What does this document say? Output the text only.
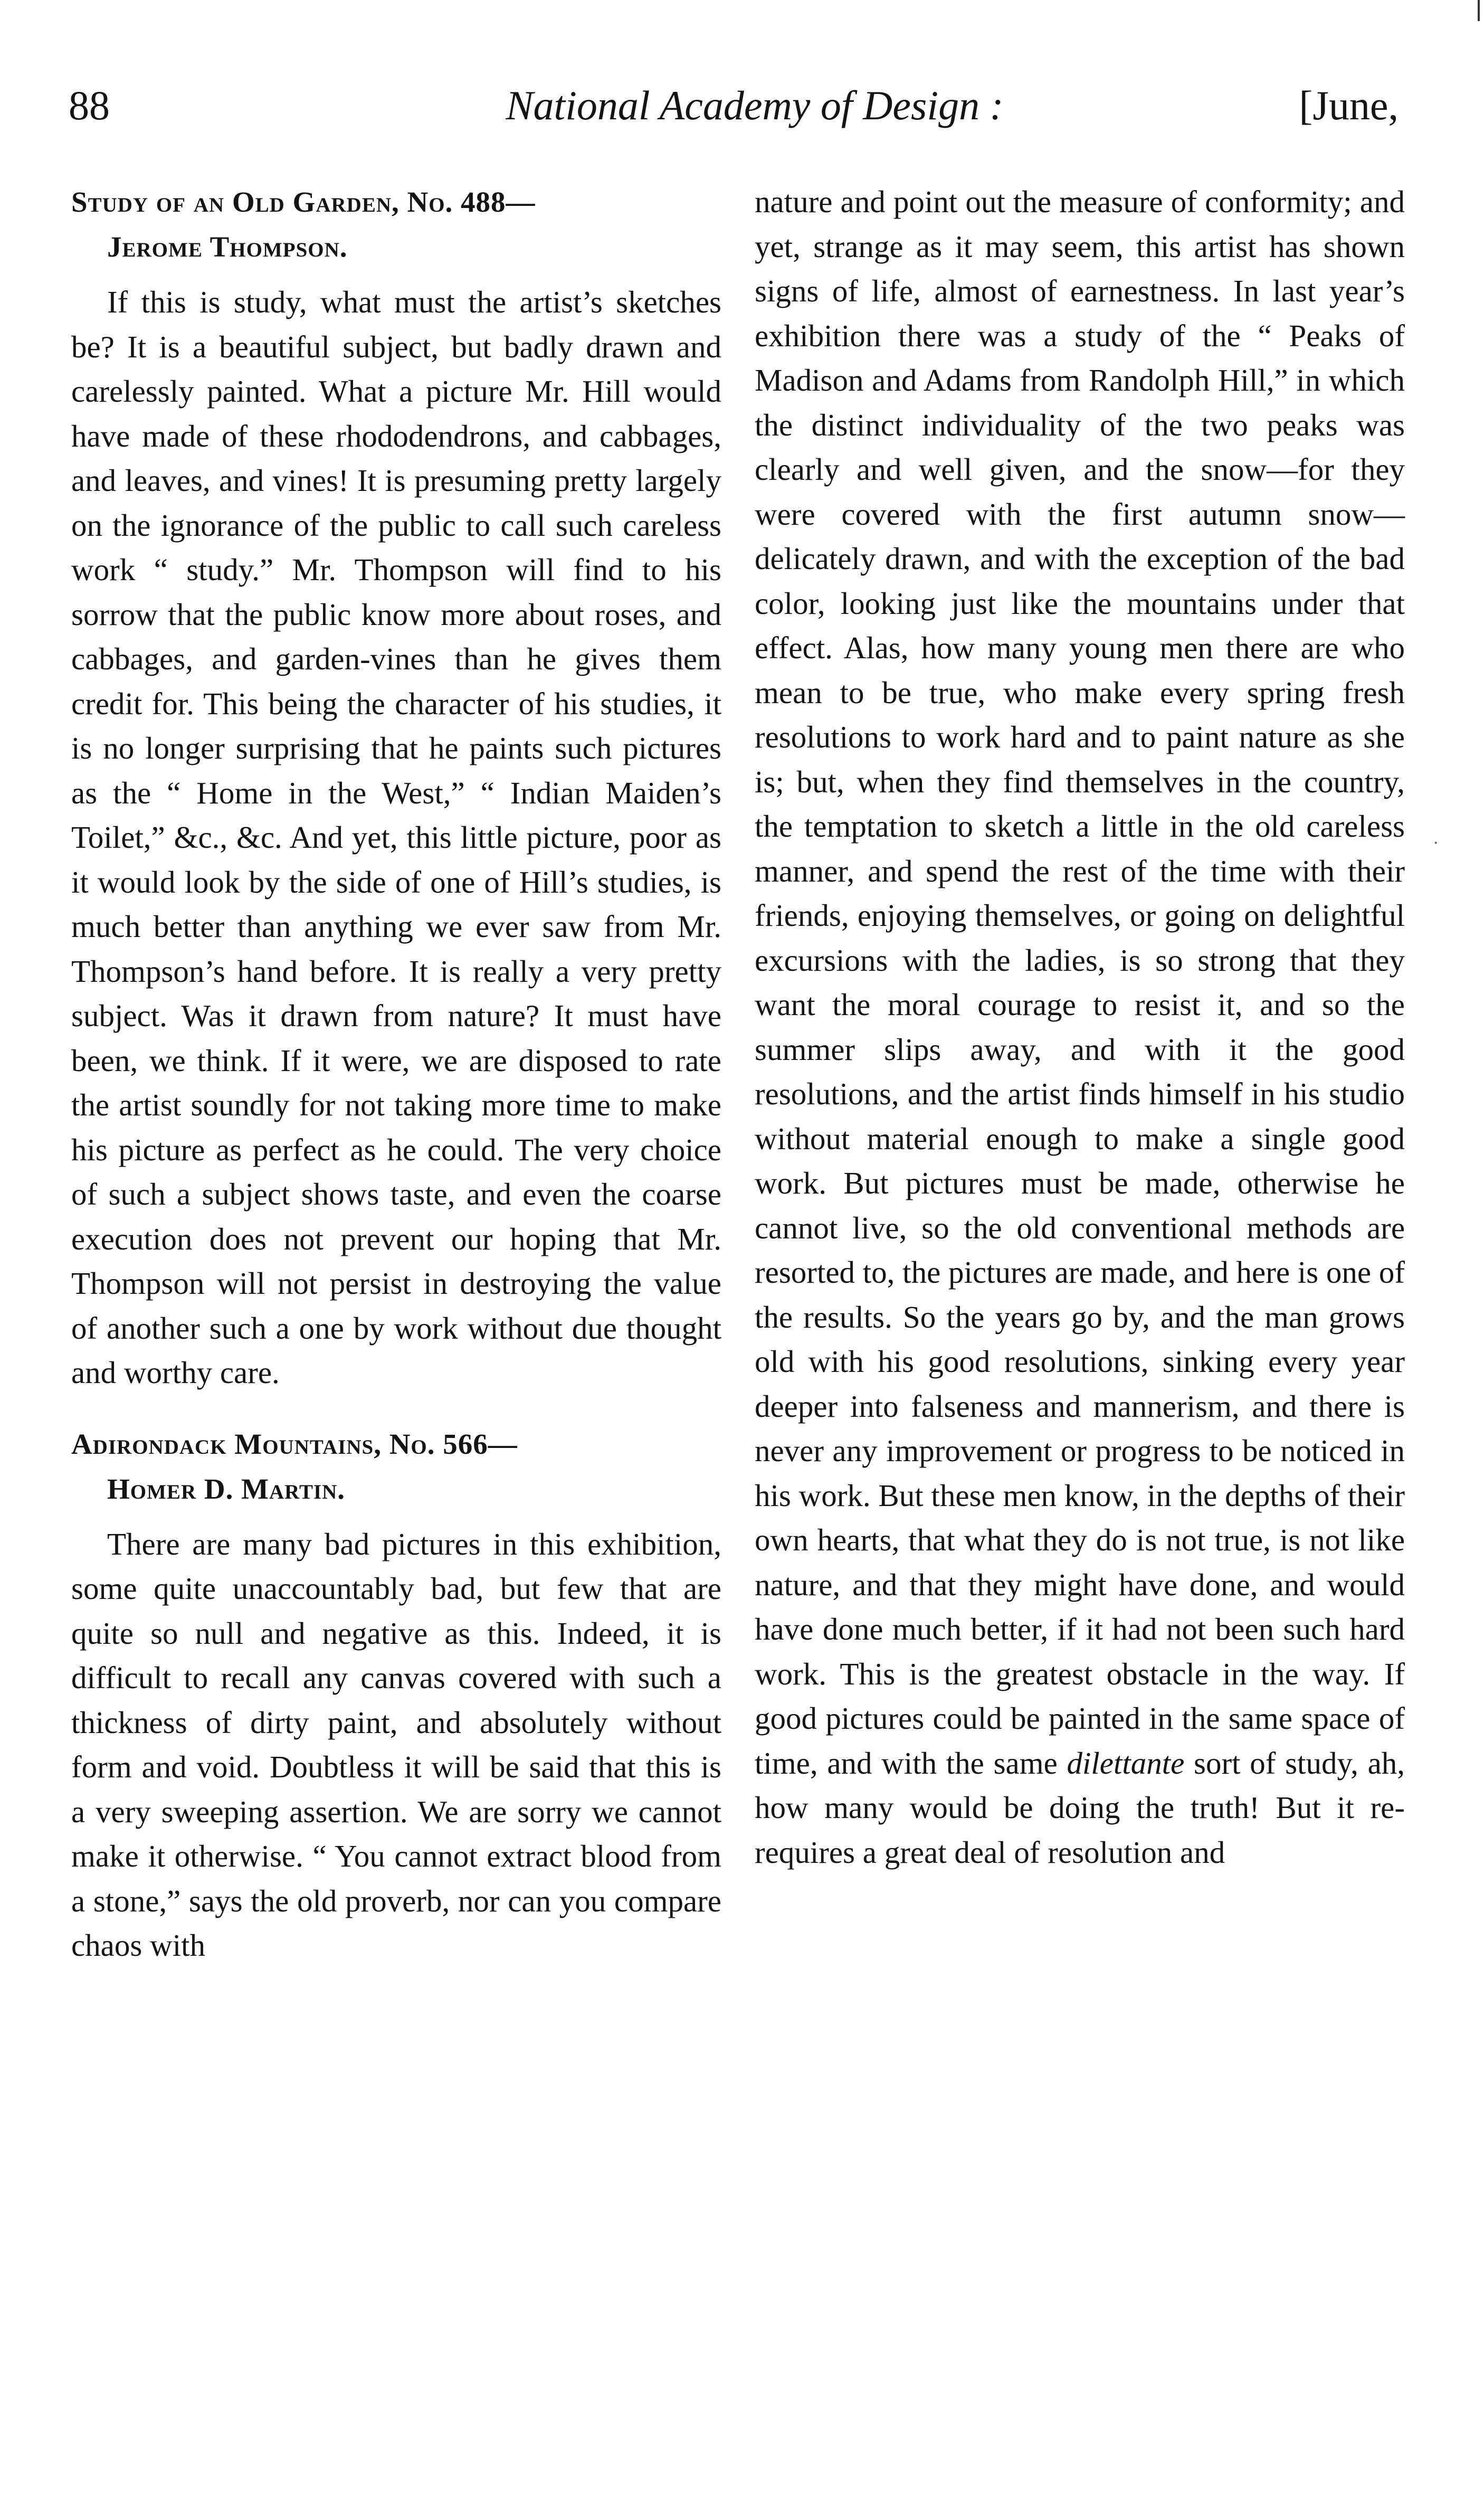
88	National Academy of Design :	[June,
Study of an Old Garden, No. 488—
Jerome Thompson.

If this is study, what must the artist’s sketches be? It is a beautiful subject, but badly drawn and carelessly painted. What a picture Mr. Hill would have made of these rhododendrons, and cabbages, and leaves, and vines! It is presuming pretty largely on the ignorance of the public to call such careless work “ study.” Mr. Thompson will find to his sorrow that the public know more about roses, and cabbages, and garden-vines than he gives them credit for. This being the character of his studies, it is no longer surprising that he paints such pictures as the “ Home in the West,” “ Indian Maiden’s Toilet,” &c., &c. And yet, this little picture, poor as it would look by the side of one of Hill’s studies, is much better than anything we ever saw from Mr. Thompson’s hand before. It is really a very pretty subject. Was it drawn from nature? It must have been, we think. If it were, we are disposed to rate the artist soundly for not taking more time to make his picture as perfect as he could. The very choice of such a subject shows taste, and even the coarse execution does not prevent our hoping that Mr. Thompson will not persist in destroying the value of another such a one by work without due thought and worthy care.

Adirondack Mountains, No. 566—
Homer D. Martin.

There are many bad pictures in this exhibition, some quite unaccountably bad, but few that are quite so null and negative as this. Indeed, it is difficult to recall any canvas covered with such a thickness of dirty paint, and absolutely without form and void. Doubtless it will be said that this is a very sweeping assertion. We are sorry we cannot make it otherwise. “ You cannot extract blood from a stone,” says the old proverb, nor can you compare chaos with

nature and point out the measure of conformity; and yet, strange as it may seem, this artist has shown signs of life, almost of earnestness. In last year’s exhibition there was a study of the “ Peaks of Madison and Adams from Randolph Hill,” in which the distinct individuality of the two peaks was clearly and well given, and the snow—for they were covered with the first autumn snow—delicately drawn, and with the exception of the bad color, looking just like the mountains under that effect. Alas, how many young men there are who mean to be true, who make every spring fresh resolutions to work hard and to paint nature as she is; but, when they find themselves in the country, the temptation to sketch a little in the old careless manner, and spend the rest of the time with their friends, enjoying themselves, or going on delightful excursions with the ladies, is so strong that they want the moral courage to resist it, and so the summer slips away, and with it the good resolutions, and the artist finds himself in his studio without material enough to make a single good work. But pictures must be made, otherwise he cannot live, so the old conventional methods are resorted to, the pictures are made, and here is one of the results. So the years go by, and the man grows old with his good resolutions, sinking every year deeper into falseness and mannerism, and there is never any improvement or progress to be noticed in his work. But these men know, in the depths of their own hearts, that what they do is not true, is not like nature, and that they might have done, and would have done much better, if it had not been such hard work. This is the greatest obstacle in the way. If good pictures could be painted in the same space of time, and with the same dilettante sort of study, ah, how many would be doing the truth! But it rerequires a great deal of resolution and

·
